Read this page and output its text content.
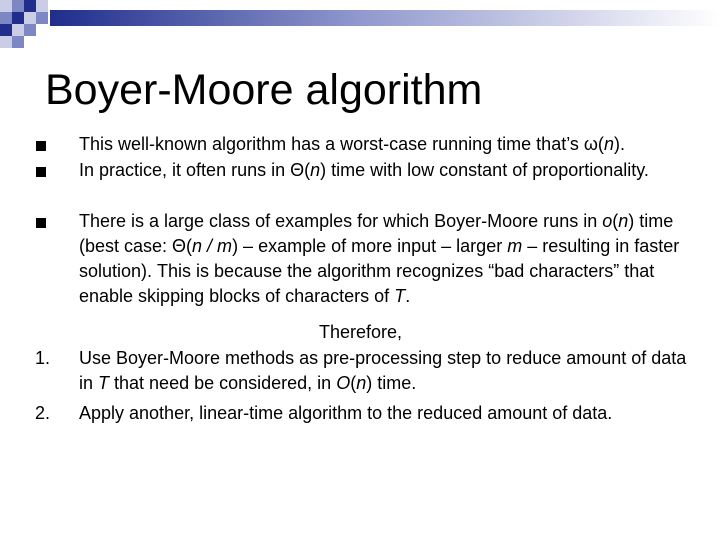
Boyer-Moore algorithm
This well-known algorithm has a worst-case running time that’s ω(n).
In practice, it often runs in Θ(n) time with low constant of proportionality.
There is a large class of examples for which Boyer-Moore runs in o(n) time (best case: Θ(n / m) – example of more input – larger m – resulting in faster solution). This is because the algorithm recognizes “bad characters” that enable skipping blocks of characters of T.
Therefore,
1. Use Boyer-Moore methods as pre-processing step to reduce amount of data in T that need be considered, in O(n) time.
2. Apply another, linear-time algorithm to the reduced amount of data.
